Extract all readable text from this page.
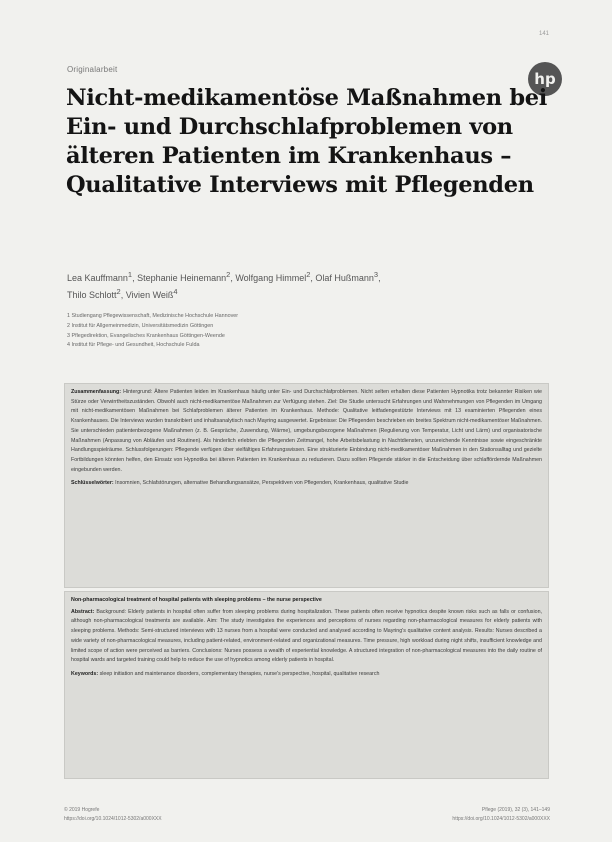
141
Originalarbeit
hp
Nicht-medikamentöse Maßnahmen bei Ein- und Durchschlafproblemen von älteren Patienten im Krankenhaus – Qualitative Interviews mit Pflegenden
Lea Kauffmann$^1$, Stephanie Heinemann$^2$, Wolfgang Himmel$^2$, Olaf Hußmann$^3$,
Thilo Schlott$^2$, Vivien Weiß$^4$
1 Studiengang Pflegewissenschaft, Medizinische Hochschule Hannover
2 Institut für Allgemeinmedizin, Universitätsmedizin Göttingen
3 Pflegedirektion, Evangelisches Krankenhaus Göttingen-Weende
4 Institut für Pflege- und Gesundheit, Hochschule Fulda

Zusammenfassung: Hintergrund: Ältere Patienten leiden im Krankenhaus häufig unter Ein- und Durchschlafproblemen. Nicht selten erhalten diese Patienten Hypnotika trotz bekannter Risiken wie Stürze oder Verwirrtheitszuständen. Obwohl auch nicht-medikamentöse Maßnahmen zur Verfügung stehen. Ziel: Die Studie untersucht Erfahrungen und Wahrnehmungen von Pflegenden im Umgang mit nicht-medikamentösen Maßnahmen bei Schlafproblemen älterer Patienten im Krankenhaus. Methode: Qualitative leitfadengestützte Interviews mit 13 examinierten Pflegenden eines Krankenhauses. Die Interviews wurden transkribiert und inhaltsanalytisch nach Mayring ausgewertet. Ergebnisse: Die Pflegenden beschrieben ein breites Spektrum nicht-medikamentöser Maßnahmen. Sie unterschieden patientenbezogene Maßnahmen (z. B. Gespräche, Zuwendung, Wärme), umgebungsbezogene Maßnahmen (Regulierung von Temperatur, Licht und Lärm) und organisatorische Maßnahmen (Anpassung von Abläufen und Routinen). Als hinderlich erlebten die Pflegenden Zeitmangel, hohe Arbeitsbelastung in Nachtdiensten, unzureichende Kenntnisse sowie eingeschränkte Handlungsspielräume. Schlussfolgerungen: Pflegende verfügen über vielfältiges Erfahrungswissen. Eine strukturierte Einbindung nicht-medikamentöser Maßnahmen in den Stationsalltag und gezielte Fortbildungen könnten helfen, den Einsatz von Hypnotika bei älteren Patienten im Krankenhaus zu reduzieren. Dazu sollten Pflegende stärker in die Entscheidung über schlaffördernde Maßnahmen eingebunden werden.

Schlüsselwörter: Insomnien, Schlafstörungen, alternative Behandlungsansätze, Perspektiven von Pflegenden, Krankenhaus, qualitative Studie

Non-pharmacological treatment of hospital patients with sleeping problems – the nurse perspective

Abstract: Background: Elderly patients in hospital often suffer from sleeping problems during hospitalization. These patients often receive hypnotics despite known risks such as falls or confusion, although non-pharmacological treatments are available. Aim: The study investigates the experiences and perceptions of nurses regarding non-pharmacological measures for elderly patients with sleeping problems. Methods: Semi-structured interviews with 13 nurses from a hospital were conducted and analysed according to Mayring's qualitative content analysis. Results: Nurses described a wide variety of non-pharmacological measures, including patient-related, environment-related and organizational measures. Time pressure, high workload during night shifts, insufficient knowledge and limited scope of action were perceived as barriers. Conclusions: Nurses possess a wealth of experiential knowledge. A structured integration of non-pharmacological measures into the daily routine of hospital wards and targeted training could help to reduce the use of hypnotics among elderly patients in hospital.

Keywords: sleep initiation and maintenance disorders, complementary therapies, nurse's perspective, hospital, qualitative research

© 2019 Hogrefe
https://doi.org/10.1024/1012-5302/a000XXX
Pflege (2019), 32 (3), 141–149
https://doi.org/10.1024/1012-5302/a000XXX
